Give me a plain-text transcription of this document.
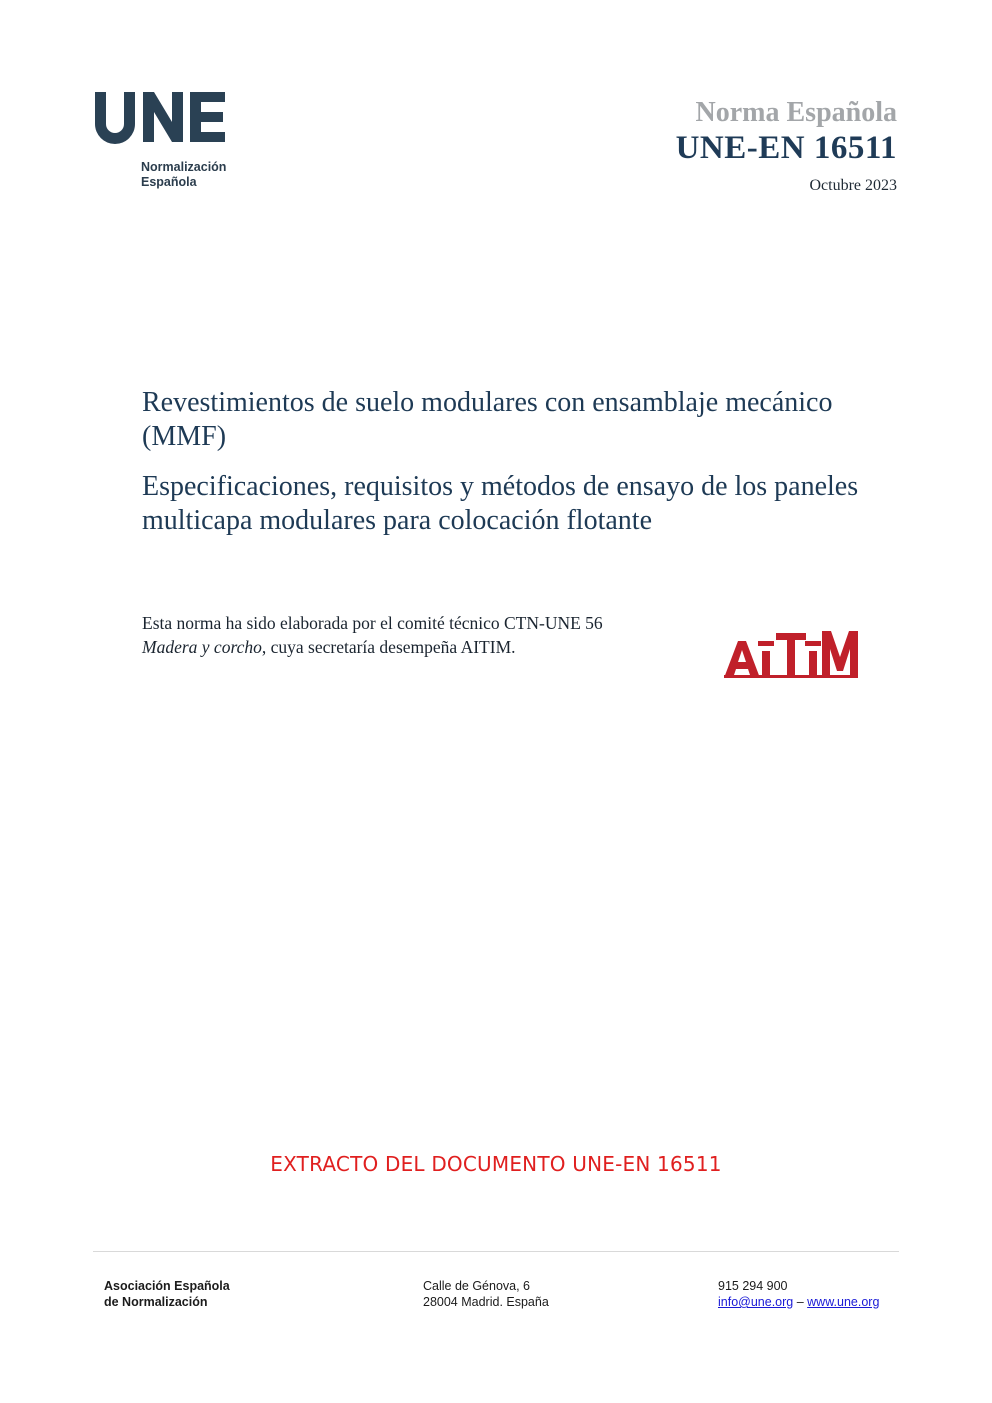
Normalización
Española
Norma Española
UNE-EN 16511
Octubre 2023
Revestimientos de suelo modulares con ensamblaje mecánico (MMF)
Especificaciones, requisitos y métodos de ensayo de los paneles multicapa modulares para colocación flotante
Esta norma ha sido elaborada por el comité técnico CTN-UNE 56 Madera y corcho, cuya secretaría desempeña AITIM.
EXTRACTO DEL DOCUMENTO UNE-EN 16511
Asociación Española
de Normalización
Calle de Génova, 6
28004 Madrid. España
915 294 900
info@une.org – www.une.org
